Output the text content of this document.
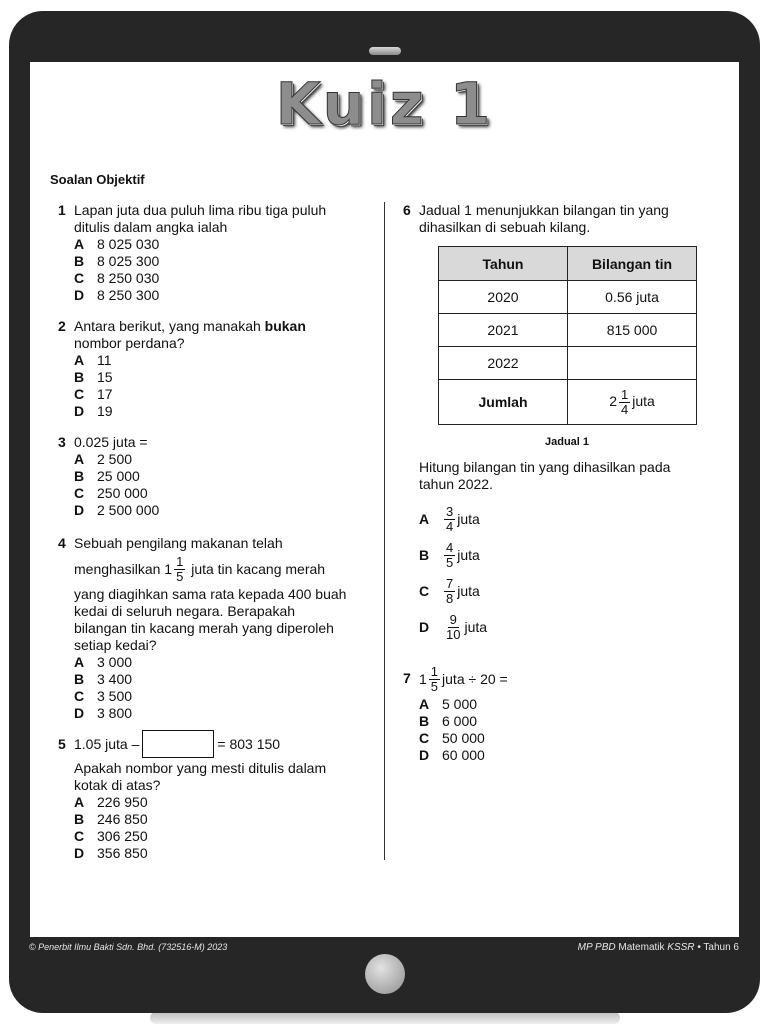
Kuiz 1
Soalan Objektif
1 Lapan juta dua puluh lima ribu tiga puluh
ditulis dalam angka ialah
A 8 025 030
B 8 025 300
C 8 250 030
D 8 250 300
2 Antara berikut, yang manakah bukan
nombor perdana?
A 11
B 15
C 17
D 19
3 0.025 juta =
A 2 500
B 25 000
C 250 000
D 2 500 000
4 Sebuah pengilang makanan telah
menghasilkan $1 \frac{1}{5}$ juta tin kacang merah
yang diagihkan sama rata kepada 400 buah
kedai di seluruh negara. Berapakah
bilangan tin kacang merah yang diperoleh
setiap kedai?
A 3 000
B 3 400
C 3 500
D 3 800
5 1.05 juta –	= 803 150
Apakah nombor yang mesti ditulis dalam
kotak di atas?
A 226 950
B 246 850
C 306 250
D 356 850
6 Jadual 1 menunjukkan bilangan tin yang
dihasilkan di sebuah kilang.
Tahun	Bilangan tin
2020	0.56 juta
2021	815 000
2022	
Jumlah	$2 \frac{1}{4}$ juta
Jadual 1
Hitung bilangan tin yang dihasilkan pada
tahun 2022.
A	$\frac{3}{4}$ juta
B	$\frac{4}{5}$ juta
C	$\frac{7}{8}$ juta
D	$\frac{9}{10}$ juta
7 $1 \frac{1}{5}$ juta ÷ 20 =
A 5 000
B 6 000
C 50 000
D 60 000
© Penerbit Ilmu Bakti Sdn. Bhd. (732516-M) 2023	MP PBD Matematik KSSR • Tahun 6
